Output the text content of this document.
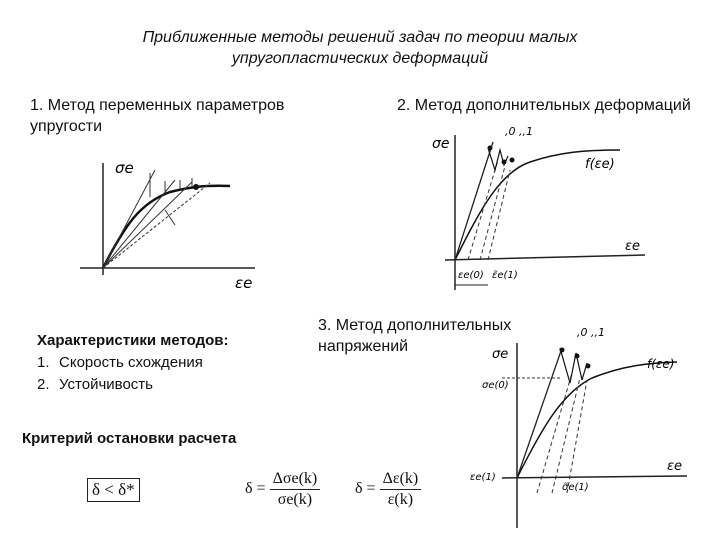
Приближенные методы решений задач по теории малых
упругопластических деформаций
1. Метод переменных параметров
упругости
2. Метод дополнительных деформаций
3. Метод дополнительных
напряжений
σe
εe
σe
εe
f(εe)
,0 ,,1
εe(0) ε̃e(1)
Характеристики методов:
1. Скорость схождения
2. Устойчивость
σe
εe
f(εe)
,0 ,,1
σe(0)
εe(1)
σ̃e(1)
Критерий остановки расчета
δ < δ*	$\delta = \frac{\text{Δσe(k)}}{\sigma e(k)}$ $\delta = \frac{\Delta\varepsilon(k)}{\varepsilon(k)}$
